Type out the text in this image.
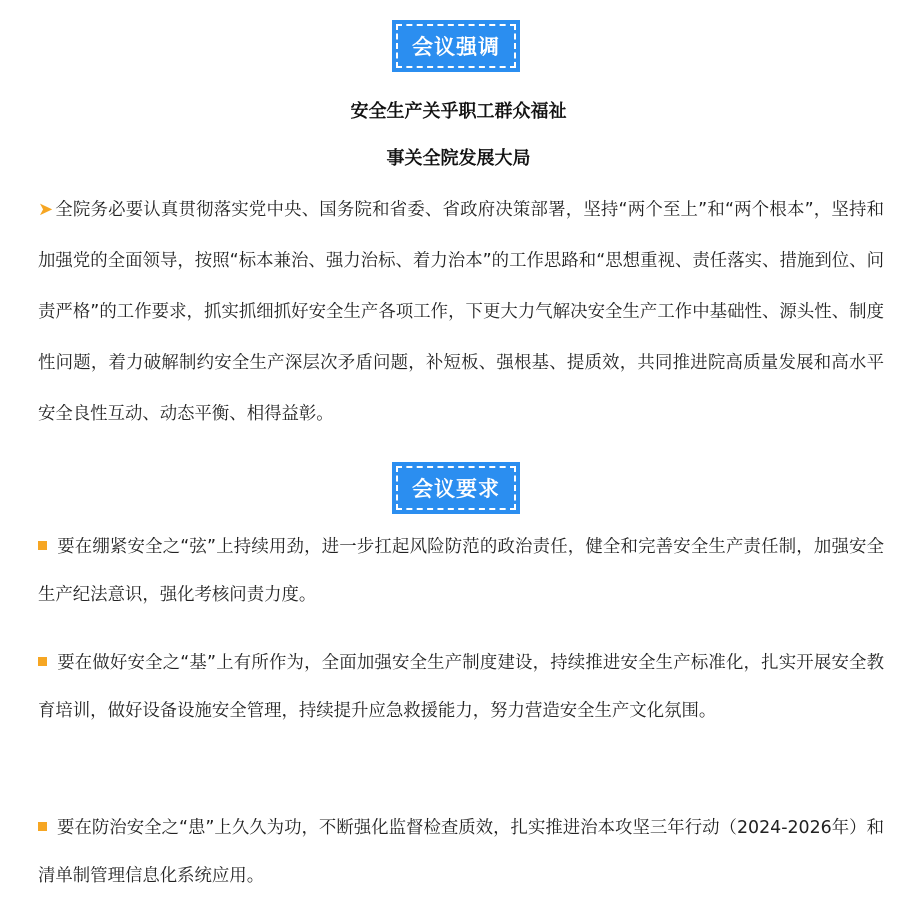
会议强调
安全生产关乎职工群众福祉
事关全院发展大局

➤ 全院务必要认真贯彻落实党中央、国务院和省委、省政府决策部署，坚持“两个至上”和“两个根本”，坚持和加强党的全面领导，按照“标本兼治、强力治标、着力治本”的工作思路和“思想重视、责任落实、措施到位、问责严格”的工作要求，抓实抓细抓好安全生产各项工作，下更大力气解决安全生产工作中基础性、源头性、制度性问题，着力破解制约安全生产深层次矛盾问题，补短板、强根基、提质效，共同推进院高质量发展和高水平安全良性互动、动态平衡、相得益彰。

会议要求

要在绷紧安全之“弦”上持续用劲，进一步扛起风险防范的政治责任，健全和完善安全生产责任制，加强安全生产纪法意识，强化考核问责力度。

要在做好安全之“基”上有所作为，全面加强安全生产制度建设，持续推进安全生产标准化，扎实开展安全教育培训，做好设备设施安全管理，持续提升应急救援能力，努力营造安全生产文化氛围。

要在防治安全之“患”上久久为功，不断强化监督检查质效，扎实推进治本攻坚三年行动（2024-2026年）和清单制管理信息化系统应用。
